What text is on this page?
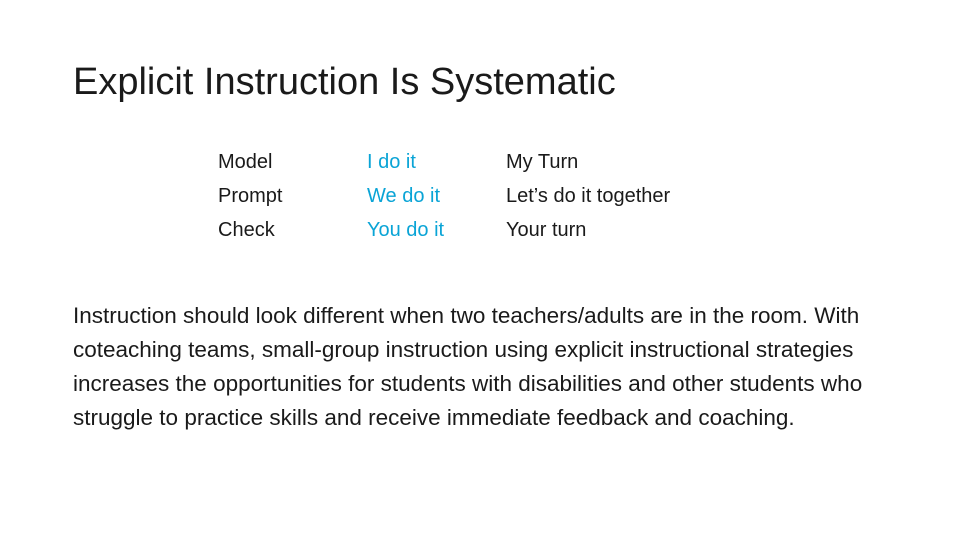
Explicit Instruction Is Systematic
Model
Prompt
Check
I do it
We do it
You do it
My Turn
Let’s do it together
Your turn

Instruction should look different when two teachers/adults are in the room. With coteaching teams, small-group instruction using explicit instructional strategies increases the opportunities for students with disabilities and other students who struggle to practice skills and receive immediate feedback and coaching.
